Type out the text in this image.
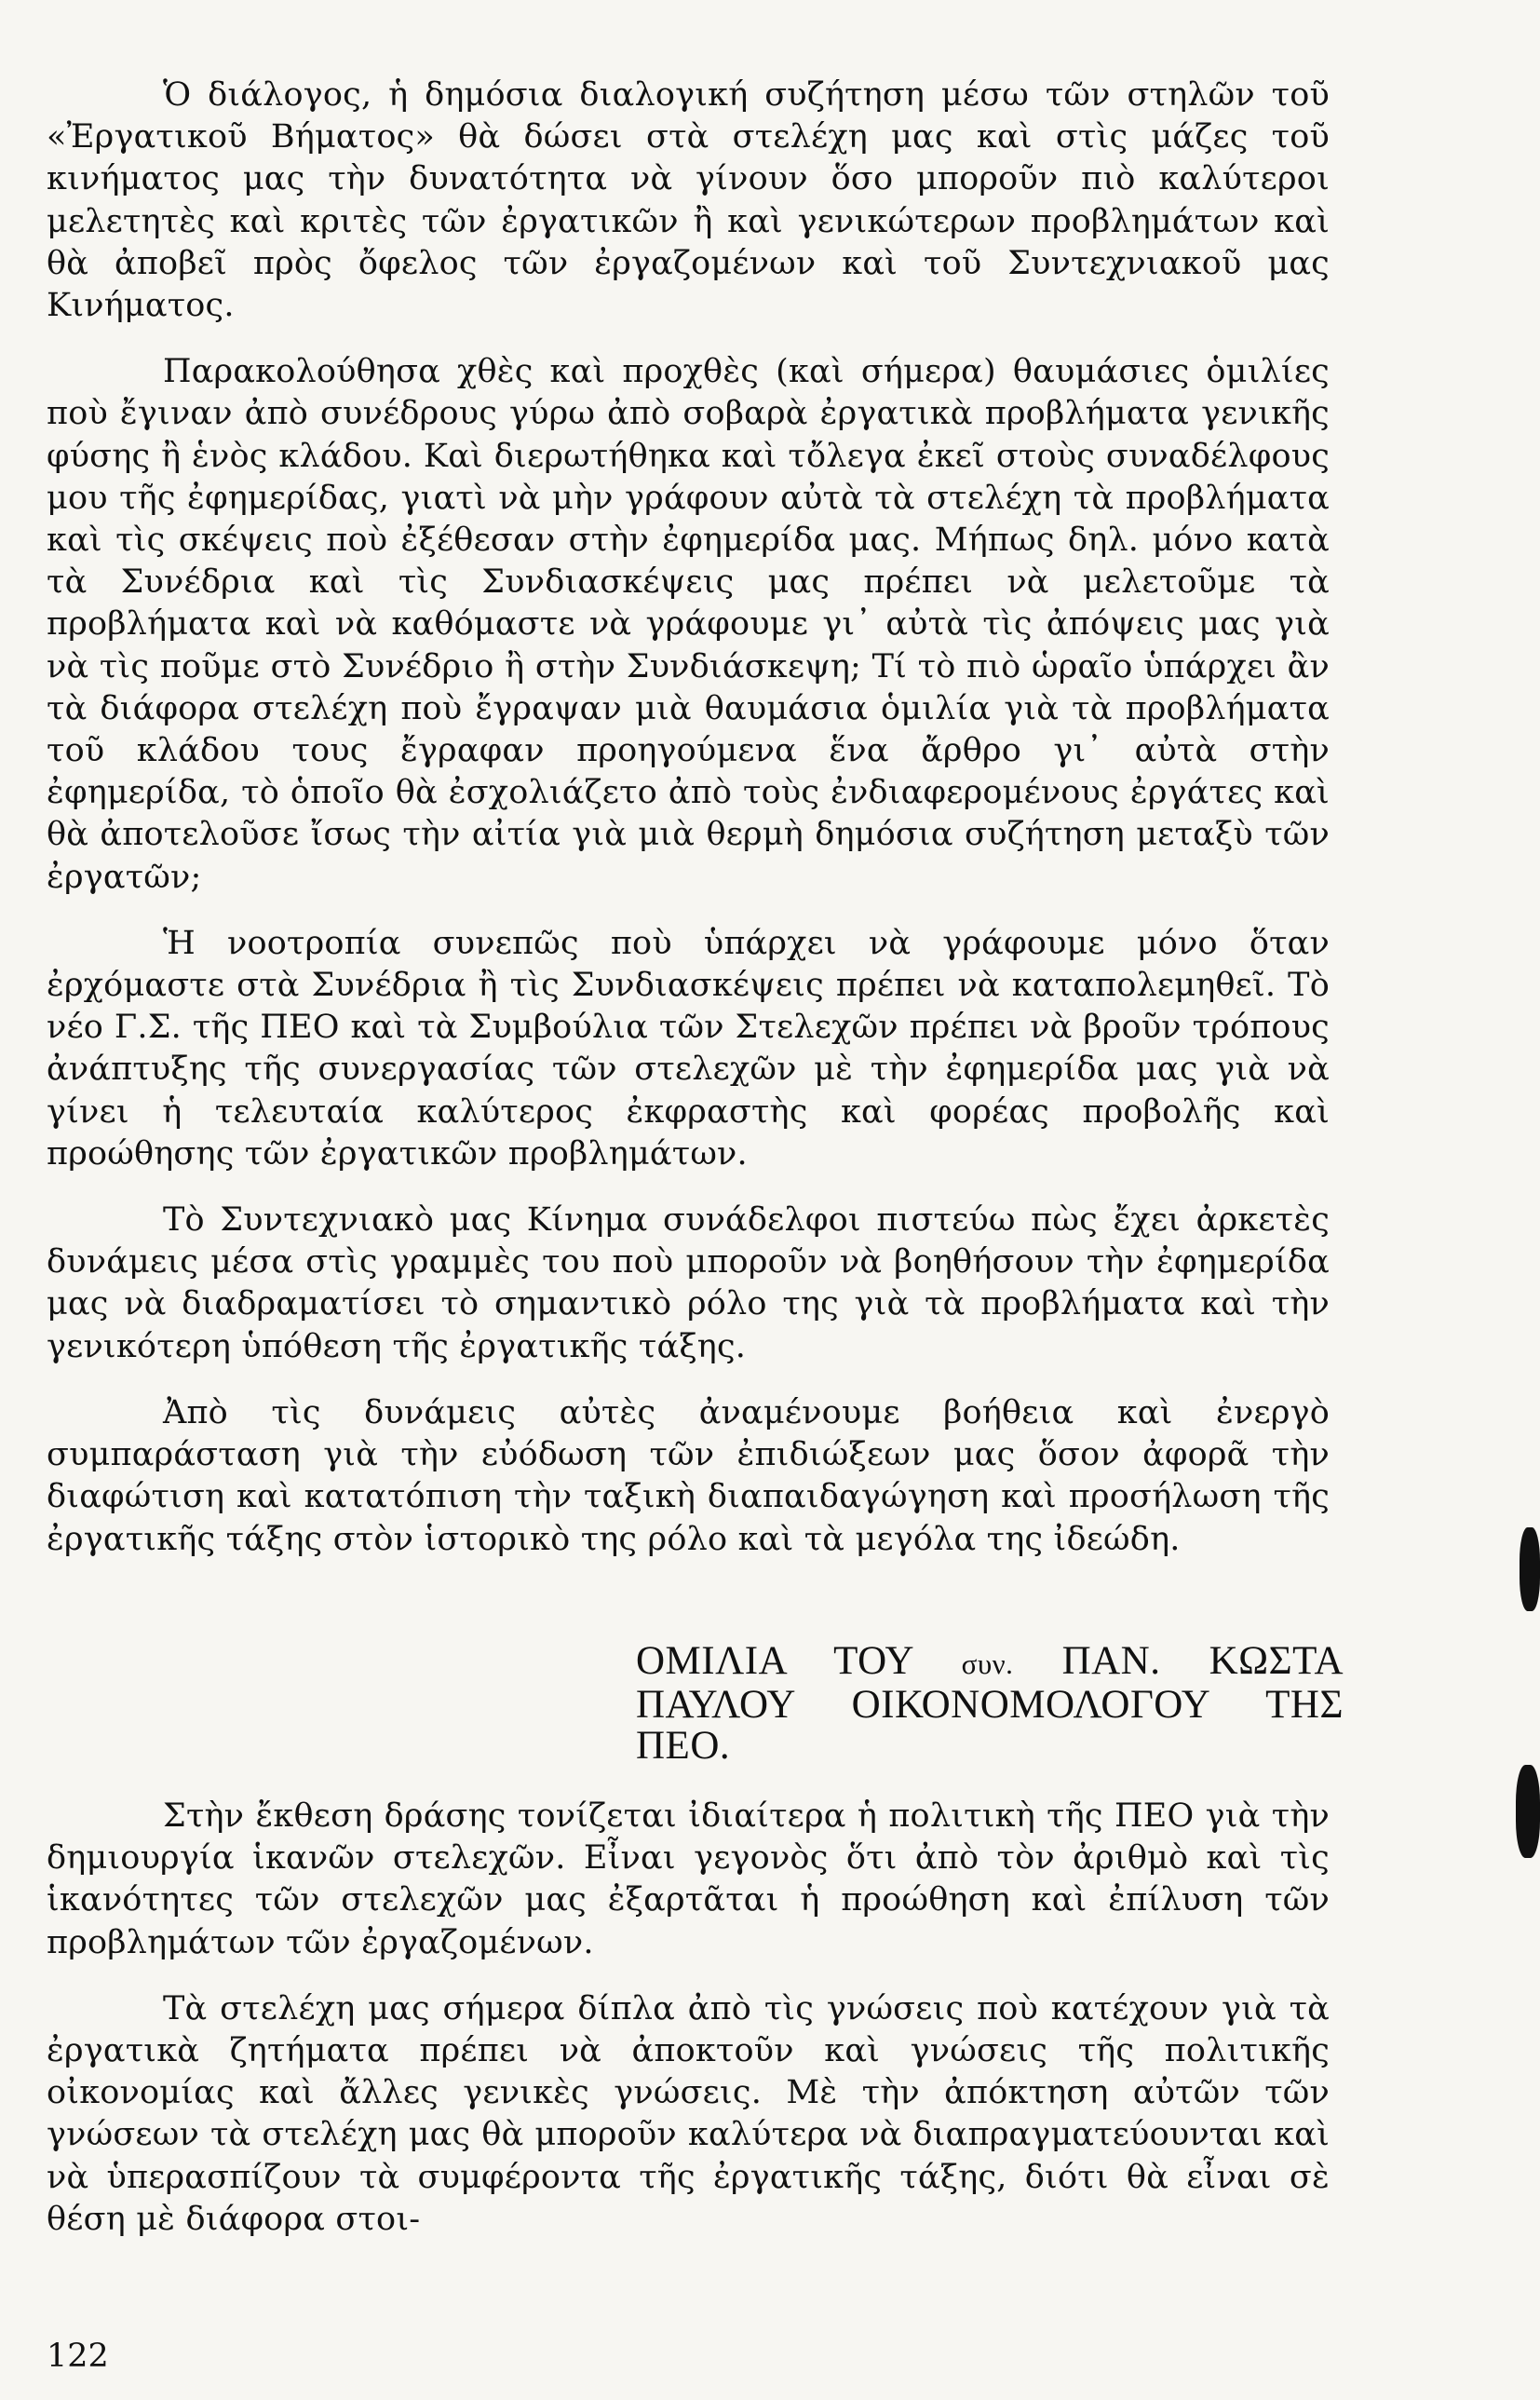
Ὁ διάλογος, ἡ δημόσια διαλογική συζήτηση μέσω τῶν στηλῶν τοῦ «Ἐργατικοῦ Βήματος» θὰ δώσει στὰ στελέχη μας καὶ στὶς μάζες τοῦ κινήματος μας τὴν δυνατότητα νὰ γίνουν ὅσο μποροῦν πιὸ καλύτεροι μελετητὲς καὶ κριτὲς τῶν ἐργατικῶν ἢ καὶ γενικώτερων προβλημάτων καὶ θὰ ἀποβεῖ πρὸς ὄφελος τῶν ἐργαζομένων καὶ τοῦ Συντεχνιακοῦ μας Κινήματος.

Παρακολούθησα χθὲς καὶ προχθὲς (καὶ σήμερα) θαυμάσιες ὁμιλίες ποὺ ἔγιναν ἀπὸ συνέδρους γύρω ἀπὸ σοβαρὰ ἐργατικὰ προβλήματα γενικῆς φύσης ἢ ἑνὸς κλάδου. Καὶ διερωτήθηκα καὶ τὄλεγα ἐκεῖ στοὺς συναδέλφους μου τῆς ἐφημερίδας, γιατὶ νὰ μὴν γράφουν αὐτὰ τὰ στελέχη τὰ προβλήματα καὶ τὶς σκέψεις ποὺ ἐξέθεσαν στὴν ἐφημερίδα μας. Μήπως δηλ. μόνο κατὰ τὰ Συνέδρια καὶ τὶς Συνδιασκέψεις μας πρέπει νὰ μελετοῦμε τὰ προβλήματα καὶ νὰ καθόμαστε νὰ γράφουμε γι᾽ αὐτὰ τὶς ἀπόψεις μας γιὰ νὰ τὶς ποῦμε στὸ Συνέδριο ἢ στὴν Συνδιάσκεψη; Τί τὸ πιὸ ὡραῖο ὑπάρχει ἂν τὰ διάφορα στελέχη ποὺ ἔγραψαν μιὰ θαυμάσια ὁμιλία γιὰ τὰ προβλήματα τοῦ κλάδου τους ἔγραφαν προηγούμενα ἕνα ἄρθρο γι᾽ αὐτὰ στὴν ἐφημερίδα, τὸ ὁποῖο θὰ ἐσχολιάζετο ἀπὸ τοὺς ἐνδιαφερομένους ἐργάτες καὶ θὰ ἀποτελοῦσε ἴσως τὴν αἰτία γιὰ μιὰ θερμὴ δημόσια συζήτηση μεταξὺ τῶν ἐργατῶν;

Ἡ νοοτροπία συνεπῶς ποὺ ὑπάρχει νὰ γράφουμε μόνο ὅταν ἐρχόμαστε στὰ Συνέδρια ἢ τὶς Συνδιασκέψεις πρέπει νὰ καταπολεμηθεῖ. Τὸ νέο Γ.Σ. τῆς ΠΕΟ καὶ τὰ Συμβούλια τῶν Στελεχῶν πρέπει νὰ βροῦν τρόπους ἀνάπτυξης τῆς συνεργασίας τῶν στελεχῶν μὲ τὴν ἐφημερίδα μας γιὰ νὰ γίνει ἡ τελευταία καλύτερος ἐκφραστὴς καὶ φορέας προβολῆς καὶ προώθησης τῶν ἐργατικῶν προβλημάτων.

Τὸ Συντεχνιακὸ μας Κίνημα συνάδελφοι πιστεύω πὼς ἔχει ἀρκετὲς δυνάμεις μέσα στὶς γραμμὲς του ποὺ μποροῦν νὰ βοηθήσουν τὴν ἐφημερίδα μας νὰ διαδραματίσει τὸ σημαντικὸ ρόλο της γιὰ τὰ προβλήματα καὶ τὴν γενικότερη ὑπόθεση τῆς ἐργατικῆς τάξης.

Ἀπὸ τὶς δυνάμεις αὐτὲς ἀναμένουμε βοήθεια καὶ ἐνεργὸ συμπαράσταση γιὰ τὴν εὐόδωση τῶν ἐπιδιώξεων μας ὅσον ἀφορᾶ τὴν διαφώτιση καὶ κατατόπιση τὴν ταξικὴ διαπαιδαγώγηση καὶ προσήλωση τῆς ἐργατικῆς τάξης στὸν ἱστορικὸ της ρόλο καὶ τὰ μεγόλα της ἰδεώδη.

ΟΜΙΛΙΑ ΤΟΥ συν. ΠΑΝ. ΚΩΣΤΑ ΠΑΥΛΟΥ ΟΙΚΟΝΟΜΟΛΟΓΟΥ ΤΗΣ ΠΕΟ.

Στὴν ἔκθεση δράσης τονίζεται ἰδιαίτερα ἡ πολιτικὴ τῆς ΠΕΟ γιὰ τὴν δημιουργία ἱκανῶν στελεχῶν. Εἶναι γεγονὸς ὅτι ἀπὸ τὸν ἀριθμὸ καὶ τὶς ἱκανότητες τῶν στελεχῶν μας ἐξαρτᾶται ἡ προώθηση καὶ ἐπίλυση τῶν προβλημάτων τῶν ἐργαζομένων.

Τὰ στελέχη μας σήμερα δίπλα ἀπὸ τὶς γνώσεις ποὺ κατέχουν γιὰ τὰ ἐργατικὰ ζητήματα πρέπει νὰ ἀποκτοῦν καὶ γνώσεις τῆς πολιτικῆς οἰκονομίας καὶ ἄλλες γενικὲς γνώσεις. Μὲ τὴν ἀπόκτηση αὐτῶν τῶν γνώσεων τὰ στελέχη μας θὰ μποροῦν καλύτερα νὰ διαπραγματεύουνται καὶ νὰ ὑπερασπίζουν τὰ συμφέροντα τῆς ἐργατικῆς τάξης, διότι θὰ εἶναι σὲ θέση μὲ διάφορα στοι-

122
